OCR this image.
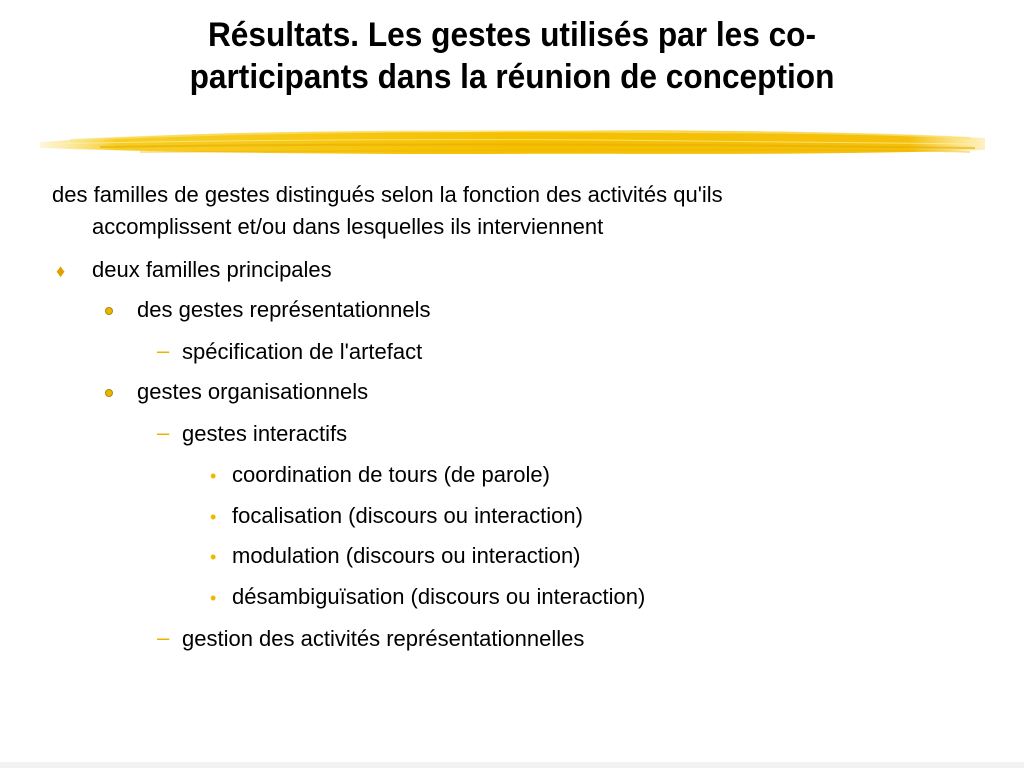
Résultats. Les gestes utilisés par les co-
participants dans la réunion de conception
des familles de gestes distingués selon la fonction des activités qu'ils
accomplissent et/ou dans lesquelles ils interviennent
♦ deux familles principales
des gestes représentationnels
– spécification de l'artefact
gestes organisationnels
– gestes interactifs
• coordination de tours (de parole)
• focalisation (discours ou interaction)
• modulation (discours ou interaction)
• désambiguïsation (discours ou interaction)
– gestion des activités représentationnelles
